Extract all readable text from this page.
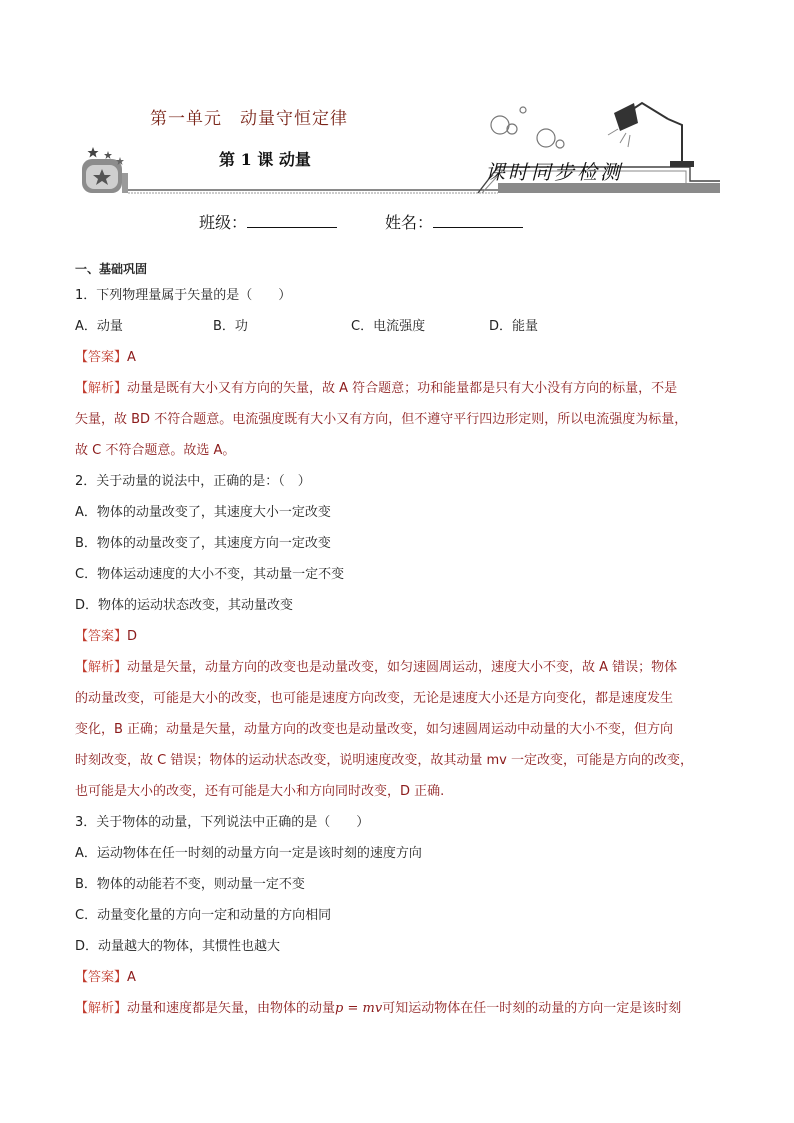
第一单元　动量守恒定律
第 1 课 动量
课时同步检测
班级：	姓名：

一、基础巩固

1．下列物理量属于矢量的是（　　）

A．动量	B．功	C．电流强度	D．能量

【答案】A

【解析】动量是既有大小又有方向的矢量，故 A 符合题意；功和能量都是只有大小没有方向的标量，不是
矢量，故 BD 不符合题意。电流强度既有大小又有方向，但不遵守平行四边形定则，所以电流强度为标量，
故 C 不符合题意。故选 A。

2．关于动量的说法中，正确的是：（　）

A．物体的动量改变了，其速度大小一定改变

B．物体的动量改变了，其速度方向一定改变

C．物体运动速度的大小不变，其动量一定不变

D．物体的运动状态改变，其动量改变

【答案】D

【解析】动量是矢量，动量方向的改变也是动量改变，如匀速圆周运动，速度大小不变，故 A 错误；物体
的动量改变，可能是大小的改变，也可能是速度方向改变，无论是速度大小还是方向变化，都是速度发生
变化，B 正确；动量是矢量，动量方向的改变也是动量改变，如匀速圆周运动中动量的大小不变，但方向
时刻改变，故 C 错误；物体的运动状态改变，说明速度改变，故其动量 mv 一定改变，可能是方向的改变，
也可能是大小的改变，还有可能是大小和方向同时改变，D 正确.

3．关于物体的动量，下列说法中正确的是（　　）

A．运动物体在任一时刻的动量方向一定是该时刻的速度方向

B．物体的动能若不变，则动量一定不变

C．动量变化量的方向一定和动量的方向相同

D．动量越大的物体，其惯性也越大

【答案】A

【解析】动量和速度都是矢量，由物体的动量p = mv可知运动物体在任一时刻的动量的方向一定是该时刻
